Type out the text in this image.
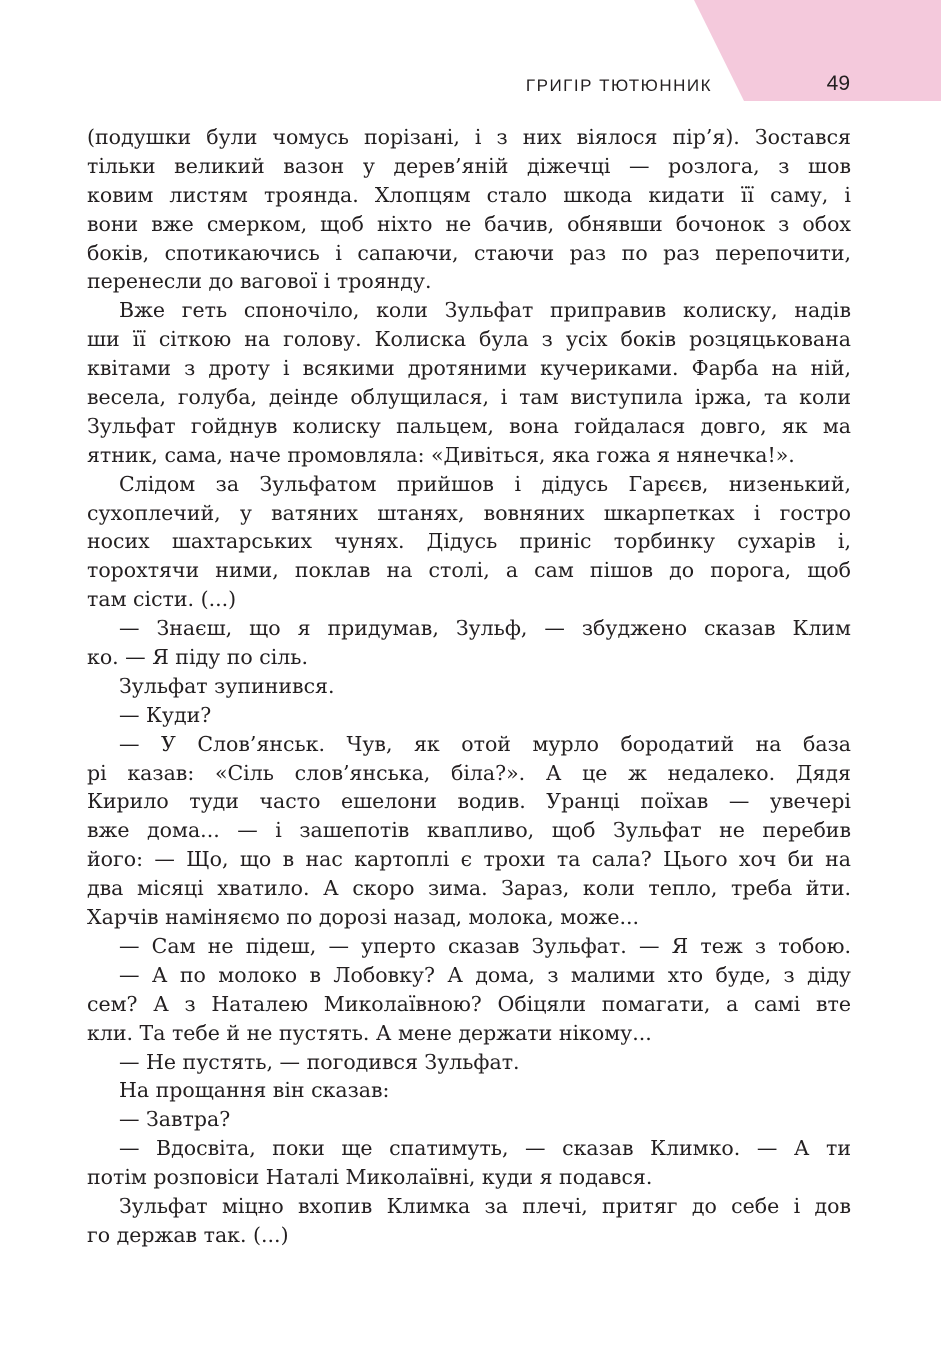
ГРИГІР ТЮТЮННИК	49
(подушки були чомусь порізані, і з них віялося пір’я). Зостався
тільки великий вазон у дерев’яній діжечці — розлога, з шов
ковим листям троянда. Хлопцям стало шкода кидати її саму, і
вони вже смерком, щоб ніхто не бачив, обнявши бочонок з обох
боків, спотикаючись і сапаючи, стаючи раз по раз перепочити,
перенесли до вагової і троянду.
Вже геть споночіло, коли Зульфат приправив колиску, надів
ши її сіткою на голову. Колиска була з усіх боків розцяцькована
квітами з дроту і всякими дротяними кучериками. Фарба на ній,
весела, голуба, деінде облущилася, і там виступила іржа, та коли
Зульфат гойднув колиску пальцем, вона гойдалася довго, як ма
ятник, сама, наче промовляла: «Дивіться, яка гожа я нянечка!».
Слідом за Зульфатом прийшов і дідусь Гарєєв, низенький,
сухоплечий, у ватяних штанях, вовняних шкарпетках і гостро
носих шахтарських чунях. Дідусь приніс торбинку сухарів і,
торохтячи ними, поклав на столі, а сам пішов до порога, щоб
там сісти. (...)
— Знаєш, що я придумав, Зульф, — збуджено сказав Клим
ко. — Я піду по сіль.
Зульфат зупинився.
— Куди?
— У Слов’янськ. Чув, як отой мурло бородатий на база
рі казав: «Сіль слов’янська, біла?». А це ж недалеко. Дядя
Кирило туди часто ешелони водив. Уранці поїхав — увечері
вже дома... — і зашепотів квапливо, щоб Зульфат не перебив
його: — Що, що в нас картоплі є трохи та сала? Цього хоч би на
два місяці хватило. А скоро зима. Зараз, коли тепло, треба йти.
Харчів наміняємо по дорозі назад, молока, може...
— Сам не підеш, — уперто сказав Зульфат. — Я теж з тобою.
— А по молоко в Лобовку? А дома, з малими хто буде, з діду
сем? А з Наталею Миколаївною? Обіцяли помагати, а самі вте
кли. Та тебе й не пустять. А мене держати нікому...
— Не пустять, — погодився Зульфат.
На прощання він сказав:
— Завтра?
— Вдосвіта, поки ще спатимуть, — сказав Климко. — А ти
потім розповіси Наталі Миколаївні, куди я подався.
Зульфат міцно вхопив Климка за плечі, притяг до себе і дов
го держав так. (...)
